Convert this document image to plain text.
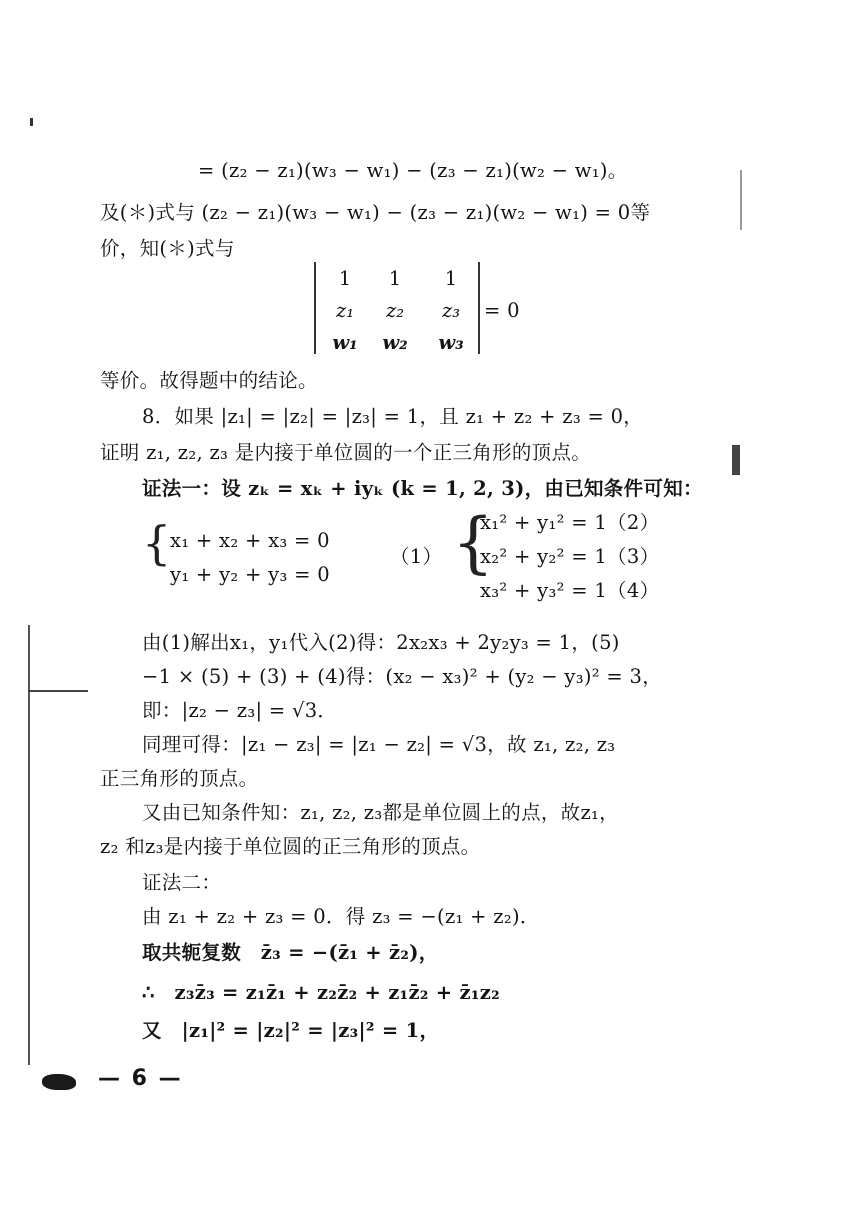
= (z₂ − z₁)(w₃ − w₁) − (z₃ − z₁)(w₂ − w₁)。
及(＊)式与 (z₂ − z₁)(w₃ − w₁) − (z₃ − z₁)(w₂ − w₁) = 0等
价，知(＊)式与
1	1	1
z₁	z₂	z₃
w₁	w₂	w₃
= 0
等价。故得题中的结论。
8．如果 |z₁| = |z₂| = |z₃| = 1，且 z₁ + z₂ + z₃ = 0，
证明 z₁, z₂, z₃ 是内接于单位圆的一个正三角形的顶点。
证法一：设 zₖ = xₖ + iyₖ (k = 1, 2, 3)，由已知条件可知：
{
x₁ + x₂ + x₃ = 0
y₁ + y₂ + y₃ = 0
（1） {
x₁² + y₁² = 1（2）
x₂² + y₂² = 1（3）
x₃² + y₃² = 1（4）
由(1)解出x₁，y₁代入(2)得：2x₂x₃ + 2y₂y₃ = 1，(5)
−1 × (5) + (3) + (4)得：(x₂ − x₃)² + (y₂ − y₃)² = 3，
即：|z₂ − z₃| = √3．
同理可得：|z₁ − z₃| = |z₁ − z₂| = √3，故 z₁, z₂, z₃
正三角形的顶点。
又由已知条件知：z₁, z₂, z₃都是单位圆上的点，故z₁，
z₂ 和z₃是内接于单位圆的正三角形的顶点。
证法二：
由 z₁ + z₂ + z₃ = 0．得 z₃ = −(z₁ + z₂)．
取共轭复数　z̄₃ = −(z̄₁ + z̄₂)，
∴　z₃z̄₃ = z₁z̄₁ + z₂z̄₂ + z₁z̄₂ + z̄₁z₂
又　|z₁|² = |z₂|² = |z₃|² = 1，
— 6 —
